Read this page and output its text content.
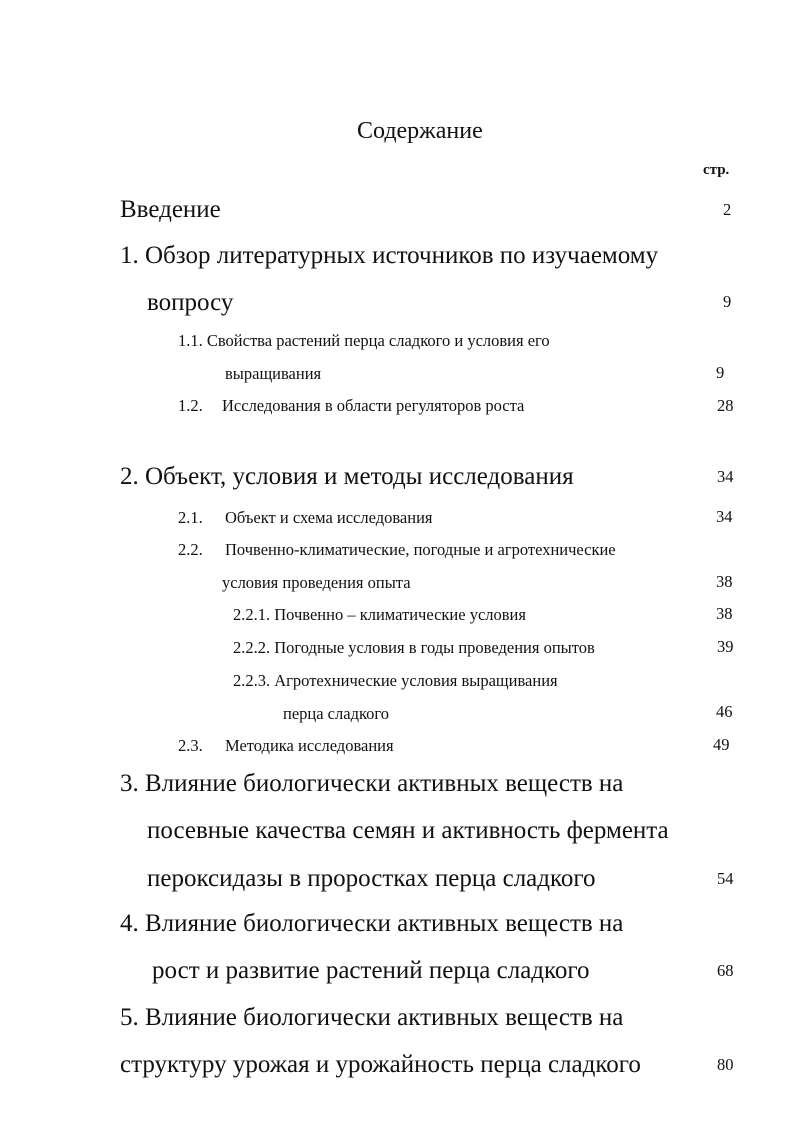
Содержание
стр.
Введение	2
1. Обзор литературных источников по изучаемому
вопросу	9
1.1. Свойства растений перца сладкого и условия его
выращивания	9
1.2. Исследования в области регуляторов роста	28
2. Объект, условия и методы исследования	34
2.1. Объект и схема исследования	34
2.2. Почвенно-климатические, погодные и агротехнические
условия проведения опыта	38
2.2.1. Почвенно – климатические условия	38
2.2.2. Погодные условия в годы проведения опытов	39
2.2.3. Агротехнические условия выращивания
перца сладкого	46
2.3. Методика исследования	49
3. Влияние биологически активных веществ на
посевные качества семян и активность фермента
пероксидазы в проростках перца сладкого	54
4. Влияние биологически активных веществ на
рост и развитие растений перца сладкого	68
5. Влияние биологически активных веществ на
структуру урожая и урожайность перца сладкого	80
